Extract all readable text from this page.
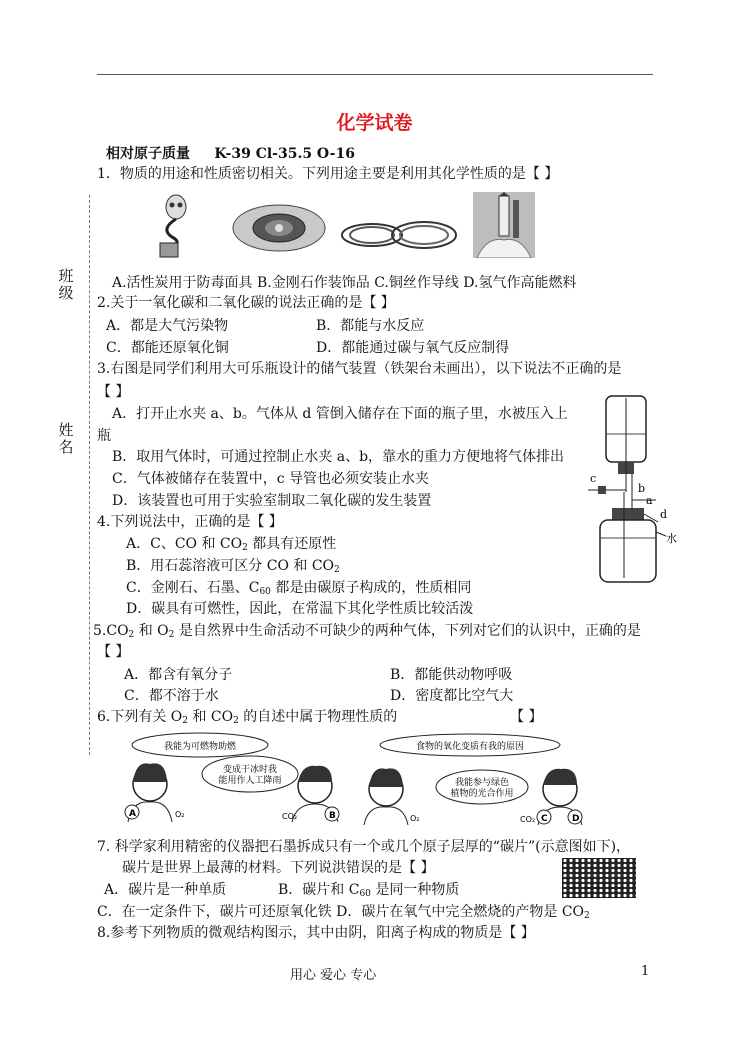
班级
姓名
化学试卷
相对原子质量 K-39 Cl-35.5 O-16
1．物质的用途和性质密切相关。下列用途主要是利用其化学性质的是【 】
A.活性炭用于防毒面具 B.金刚石作装饰品 C.铜丝作导线 D.氢气作高能燃料
2.关于一氧化碳和二氧化碳的说法正确的是【 】
A．都是大气污染物	B．都能与水反应
C．都能还原氧化铜	D．都能通过碳与氧气反应制得
3.右图是同学们利用大可乐瓶设计的储气装置（铁架台未画出），以下说法不正确的是
【 】
A．打开止水夹 a、b。气体从 d 管倒入储存在下面的瓶子里，水被压入上
瓶
B．取用气体时，可通过控制止水夹 a、b，靠水的重力方便地将气体排出
C．气体被储存在装置中，c 导管也必须安装止水夹
D．该装置也可用于实验室制取二氧化碳的发生装置
c
b
a
d
水
4.下列说法中，正确的是【 】
A．C、CO 和 $CO_2$ 都具有还原性
B．用石蕊溶液可区分 CO 和 $CO_2$
C．金刚石、石墨、$C_{60}$ 都是由碳原子构成的，性质相同
D．碳具有可燃性，因此，在常温下其化学性质比较活泼
$5.CO_2$ 和 $O_2$ 是自然界中生命活动不可缺少的两种气体，下列对它们的认识中，正确的是
【 】
A．都含有氧分子	B．都能供动物呼吸
C．都不溶于水	D．密度都比空气大
6.下列有关 $O_2$ 和 $CO_2$ 的自述中属于物理性质的	【 】
我能为可燃物助燃
变成干冰时我
能用作人工降雨
A	O₂	B
CO₂
食物的氧化变质有我的原因
我能参与绿色
植物的光合作用
O₂	C	D
CO₂
7. 科学家利用精密的仪器把石墨拆成只有一个或几个原子层厚的“碳片”(示意图如下)，
碳片是世界上最薄的材料。下列说洪错误的是【 】
A．碳片是一种单质	B．碳片和 $C_{60}$ 是同一种物质
C．在一定条件下，碳片可还原氧化铁 D．碳片在氧气中完全燃烧的产物是 $CO_2$
8.参考下列物质的微观结构图示，其中由阴，阳离子构成的物质是【 】
用心 爱心 专心	1
